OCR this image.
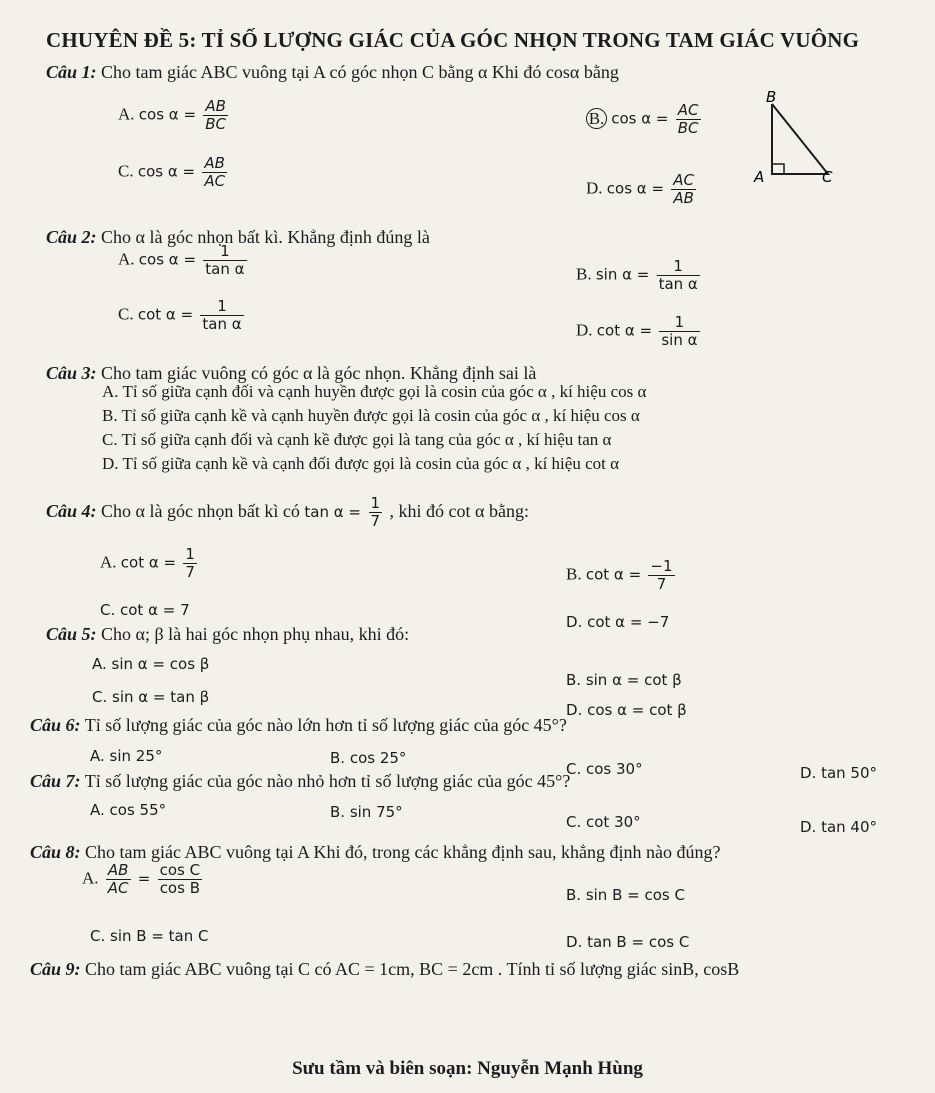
CHUYÊN ĐỀ 5: TỈ SỐ LƯỢNG GIÁC CỦA GÓC NHỌN TRONG TAM GIÁC VUÔNG
Câu 1: Cho tam giác ABC vuông tại A có góc nhọn C bằng α Khi đó cosα bằng
A. $\cos \alpha = \frac{AB}{BC}$	B. $\cos \alpha = \frac{AC}{BC}$
C. $\cos \alpha = \frac{AB}{AC}$	D. $\cos \alpha = \frac{AC}{AB}$
B
A	C
Câu 2: Cho α là góc nhọn bất kì. Khẳng định đúng là
A. $\cos \alpha = \frac{1}{\text{tan α}}$	B. $\sin \alpha = \frac{1}{\text{tan α}}$
C. $\cot \alpha = \frac{1}{\text{tan α}}$	D. $\cot \alpha = \frac{1}{\text{sin α}}$
Câu 3: Cho tam giác vuông có góc α là góc nhọn. Khẳng định sai là
A. Tỉ số giữa cạnh đối và cạnh huyền được gọi là cosin của góc α , kí hiệu cos α
B. Tỉ số giữa cạnh kề và cạnh huyền được gọi là cosin của góc α , kí hiệu cos α
C. Tỉ số giữa cạnh đối và cạnh kề được gọi là tang của góc α , kí hiệu tan α
D. Tỉ số giữa cạnh kề và cạnh đối được gọi là cosin của góc α , kí hiệu cot α
Câu 4: Cho α là góc nhọn bất kì có $\tan \alpha = \frac{1}{7}$ , khi đó cot α bằng:
A. $\cot \alpha = \frac{1}{7}$	B. $\cot \alpha = \frac{-1}{7}$
C. cot α = 7
D. cot α = −7
Câu 5: Cho α; β là hai góc nhọn phụ nhau, khi đó:
A. sin α = cos β
B. sin α = cot β
C. sin α = tan β
D. cos α = cot β
Câu 6: Tỉ số lượng giác của góc nào lớn hơn tỉ số lượng giác của góc 45°?
A. sin 25°	B. cos 25°
C. cos 30°	D. tan 50°
Câu 7: Tỉ số lượng giác của góc nào nhỏ hơn tỉ số lượng giác của góc 45°?
A. cos 55°	B. sin 75°
C. cot 30°	D. tan 40°
Câu 8: Cho tam giác ABC vuông tại A Khi đó, trong các khẳng định sau, khẳng định nào đúng?
A. $\frac{AB}{AC} = \frac{\text{cos C}}{\text{cos B}}$	B. sin B = cos C
C. sin B = tan C	D. tan B = cos C
Câu 9: Cho tam giác ABC vuông tại C có AC = 1cm, BC = 2cm . Tính tỉ số lượng giác sinB, cosB
Sưu tầm và biên soạn: Nguyễn Mạnh Hùng
